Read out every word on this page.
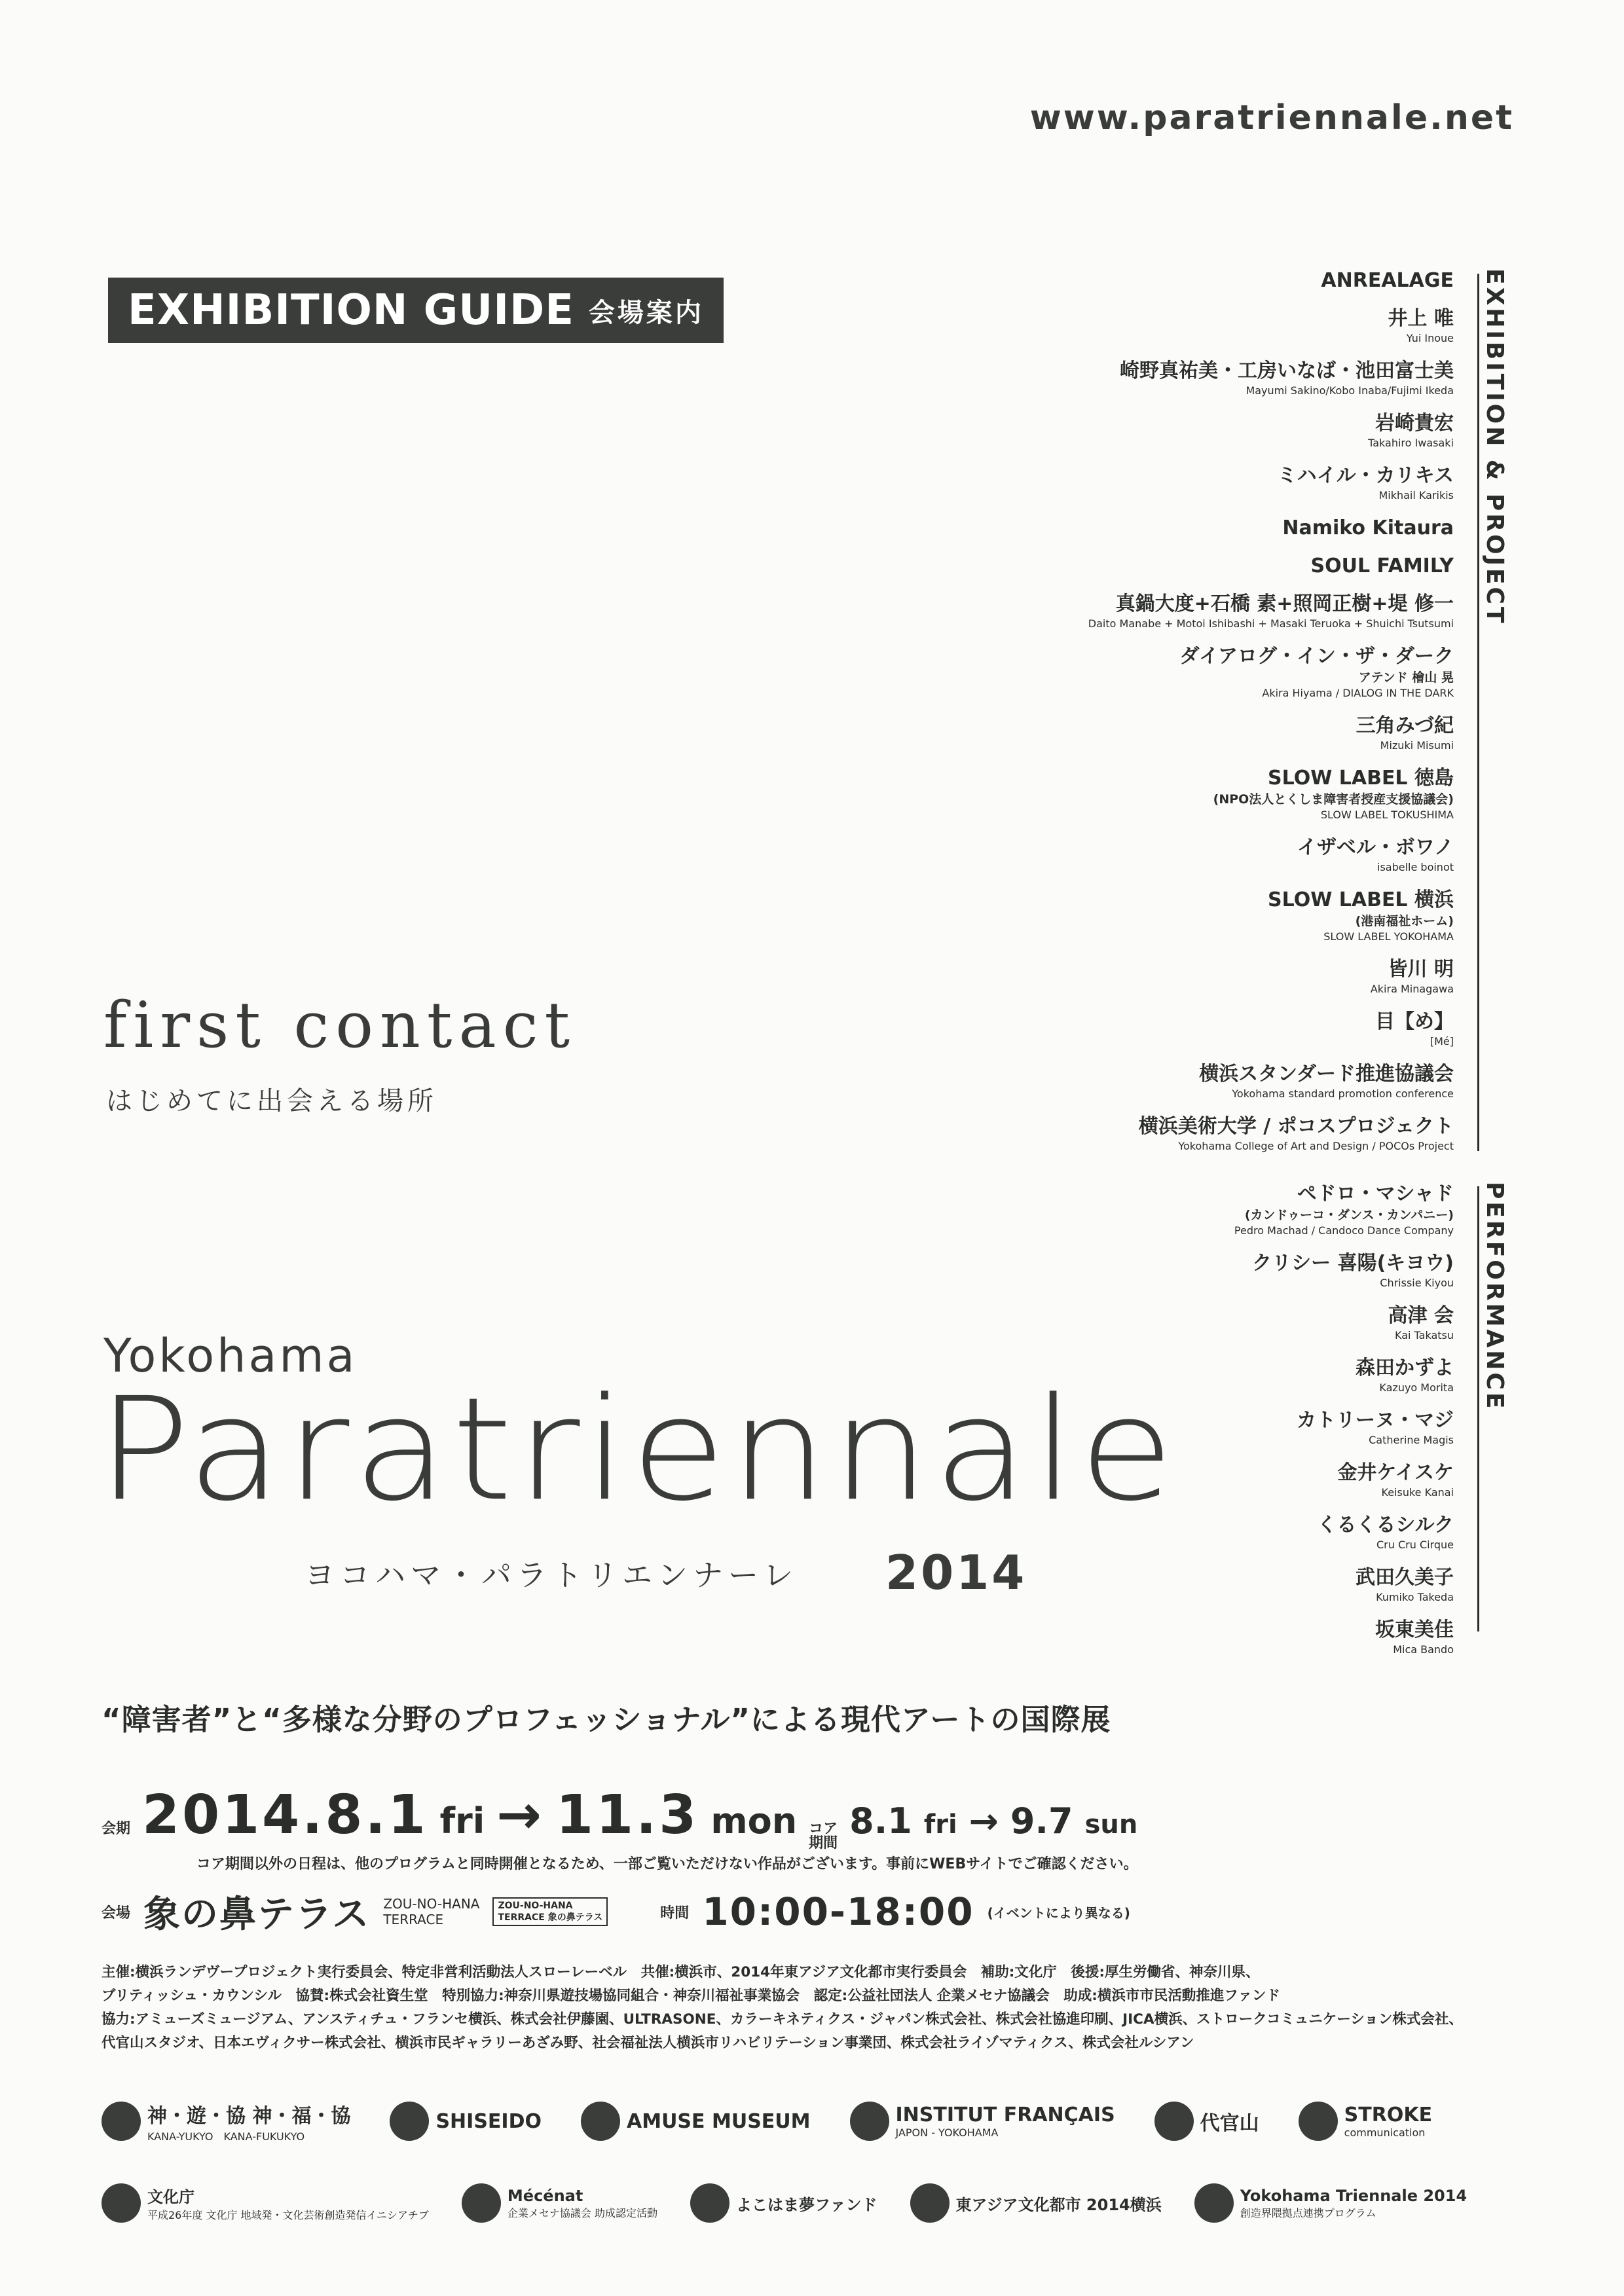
www.paratriennale.net
EXHIBITION GUIDE 会場案内
ANREALAGE
井上 唯
Yui Inoue
崎野真祐美・工房いなば・池田富士美
Mayumi Sakino/Kobo Inaba/Fujimi Ikeda
岩崎貴宏
Takahiro Iwasaki
ミハイル・カリキス
Mikhail Karikis
Namiko Kitaura
SOUL FAMILY
真鍋大度+石橋 素+照岡正樹+堤 修一
Daito Manabe + Motoi Ishibashi + Masaki Teruoka + Shuichi Tsutsumi
ダイアログ・イン・ザ・ダーク
アテンド 檜山 晃
Akira Hiyama / DIALOG IN THE DARK
三角みづ紀
Mizuki Misumi
SLOW LABEL 徳島
(NPO法人とくしま障害者授産支援協議会)
SLOW LABEL TOKUSHIMA
イザベル・ボワノ
isabelle boinot
SLOW LABEL 横浜
(港南福祉ホーム)
SLOW LABEL YOKOHAMA
皆川 明
Akira Minagawa
目【め】
[Mé]
横浜スタンダード推進協議会
Yokohama standard promotion conference
横浜美術大学 / ポコスプロジェクト
Yokohama College of Art and Design / POCOs Project
EXHIBITION & PROJECT
ペドロ・マシャド
(カンドゥーコ・ダンス・カンパニー)
Pedro Machad / Candoco Dance Company
クリシー 喜陽(キヨウ)
Chrissie Kiyou
高津 会
Kai Takatsu
森田かずよ
Kazuyo Morita
カトリーヌ・マジ
Catherine Magis
金井ケイスケ
Keisuke Kanai
くるくるシルク
Cru Cru Cirque
武田久美子
Kumiko Takeda
坂東美佳
Mica Bando
PERFORMANCE
first contact
はじめてに出会える場所
Yokohama
Paratriennale
ヨコハマ・パラトリエンナーレ 2014
“障害者”と“多様な分野のプロフェッショナル”による現代アートの国際展
会期 2014.8.1 fri → 11.3 mon コア期間
8.1 fri → 9.7 sun
コア期間以外の日程は、他のプログラムと同時開催となるため、一部ご覧いただけない作品がございます。事前にWEBサイトでご確認ください。
会場 象の鼻テラス ZOU-NO-HANA
TERRACE
ZOU-NO-HANA
TERRACE 象の鼻テラス	時間 10:00-18:00 (イベントにより異なる)
主催:横浜ランデヴープロジェクト実行委員会、特定非営利活動法人スローレーベル　共催:横浜市、2014年東アジア文化都市実行委員会　補助:文化庁　後援:厚生労働省、神奈川県、
ブリティッシュ・カウンシル　協賛:株式会社資生堂　特別協力:神奈川県遊技場協同組合・神奈川福祉事業協会　認定:公益社団法人 企業メセナ協議会　助成:横浜市市民活動推進ファンド
協力:アミューズミュージアム、アンスティチュ・フランセ横浜、株式会社伊藤園、ULTRASONE、カラーキネティクス・ジャパン株式会社、株式会社協進印刷、JICA横浜、ストロークコミュニケーション株式会社、
代官山スタジオ、日本エヴィクサー株式会社、横浜市民ギャラリーあざみ野、社会福祉法人横浜市リハビリテーション事業団、株式会社ライゾマティクス、株式会社ルシアン
神・遊・協 神・福・協
KANA-YUKYO　KANA-FUKUKYO
SHISEIDO	AMUSE MUSEUM	INSTITUT FRANÇAIS
JAPON - YOKOHAMA	代官山	STROKE
communication
文化庁
平成26年度 文化庁 地域発・文化芸術創造発信イニシアチブ
Mécénat
企業メセナ協議会 助成認定活動	よこはま夢ファンド	東アジア文化都市 2014横浜	Yokohama Triennale 2014
創造界隈拠点連携プログラム
